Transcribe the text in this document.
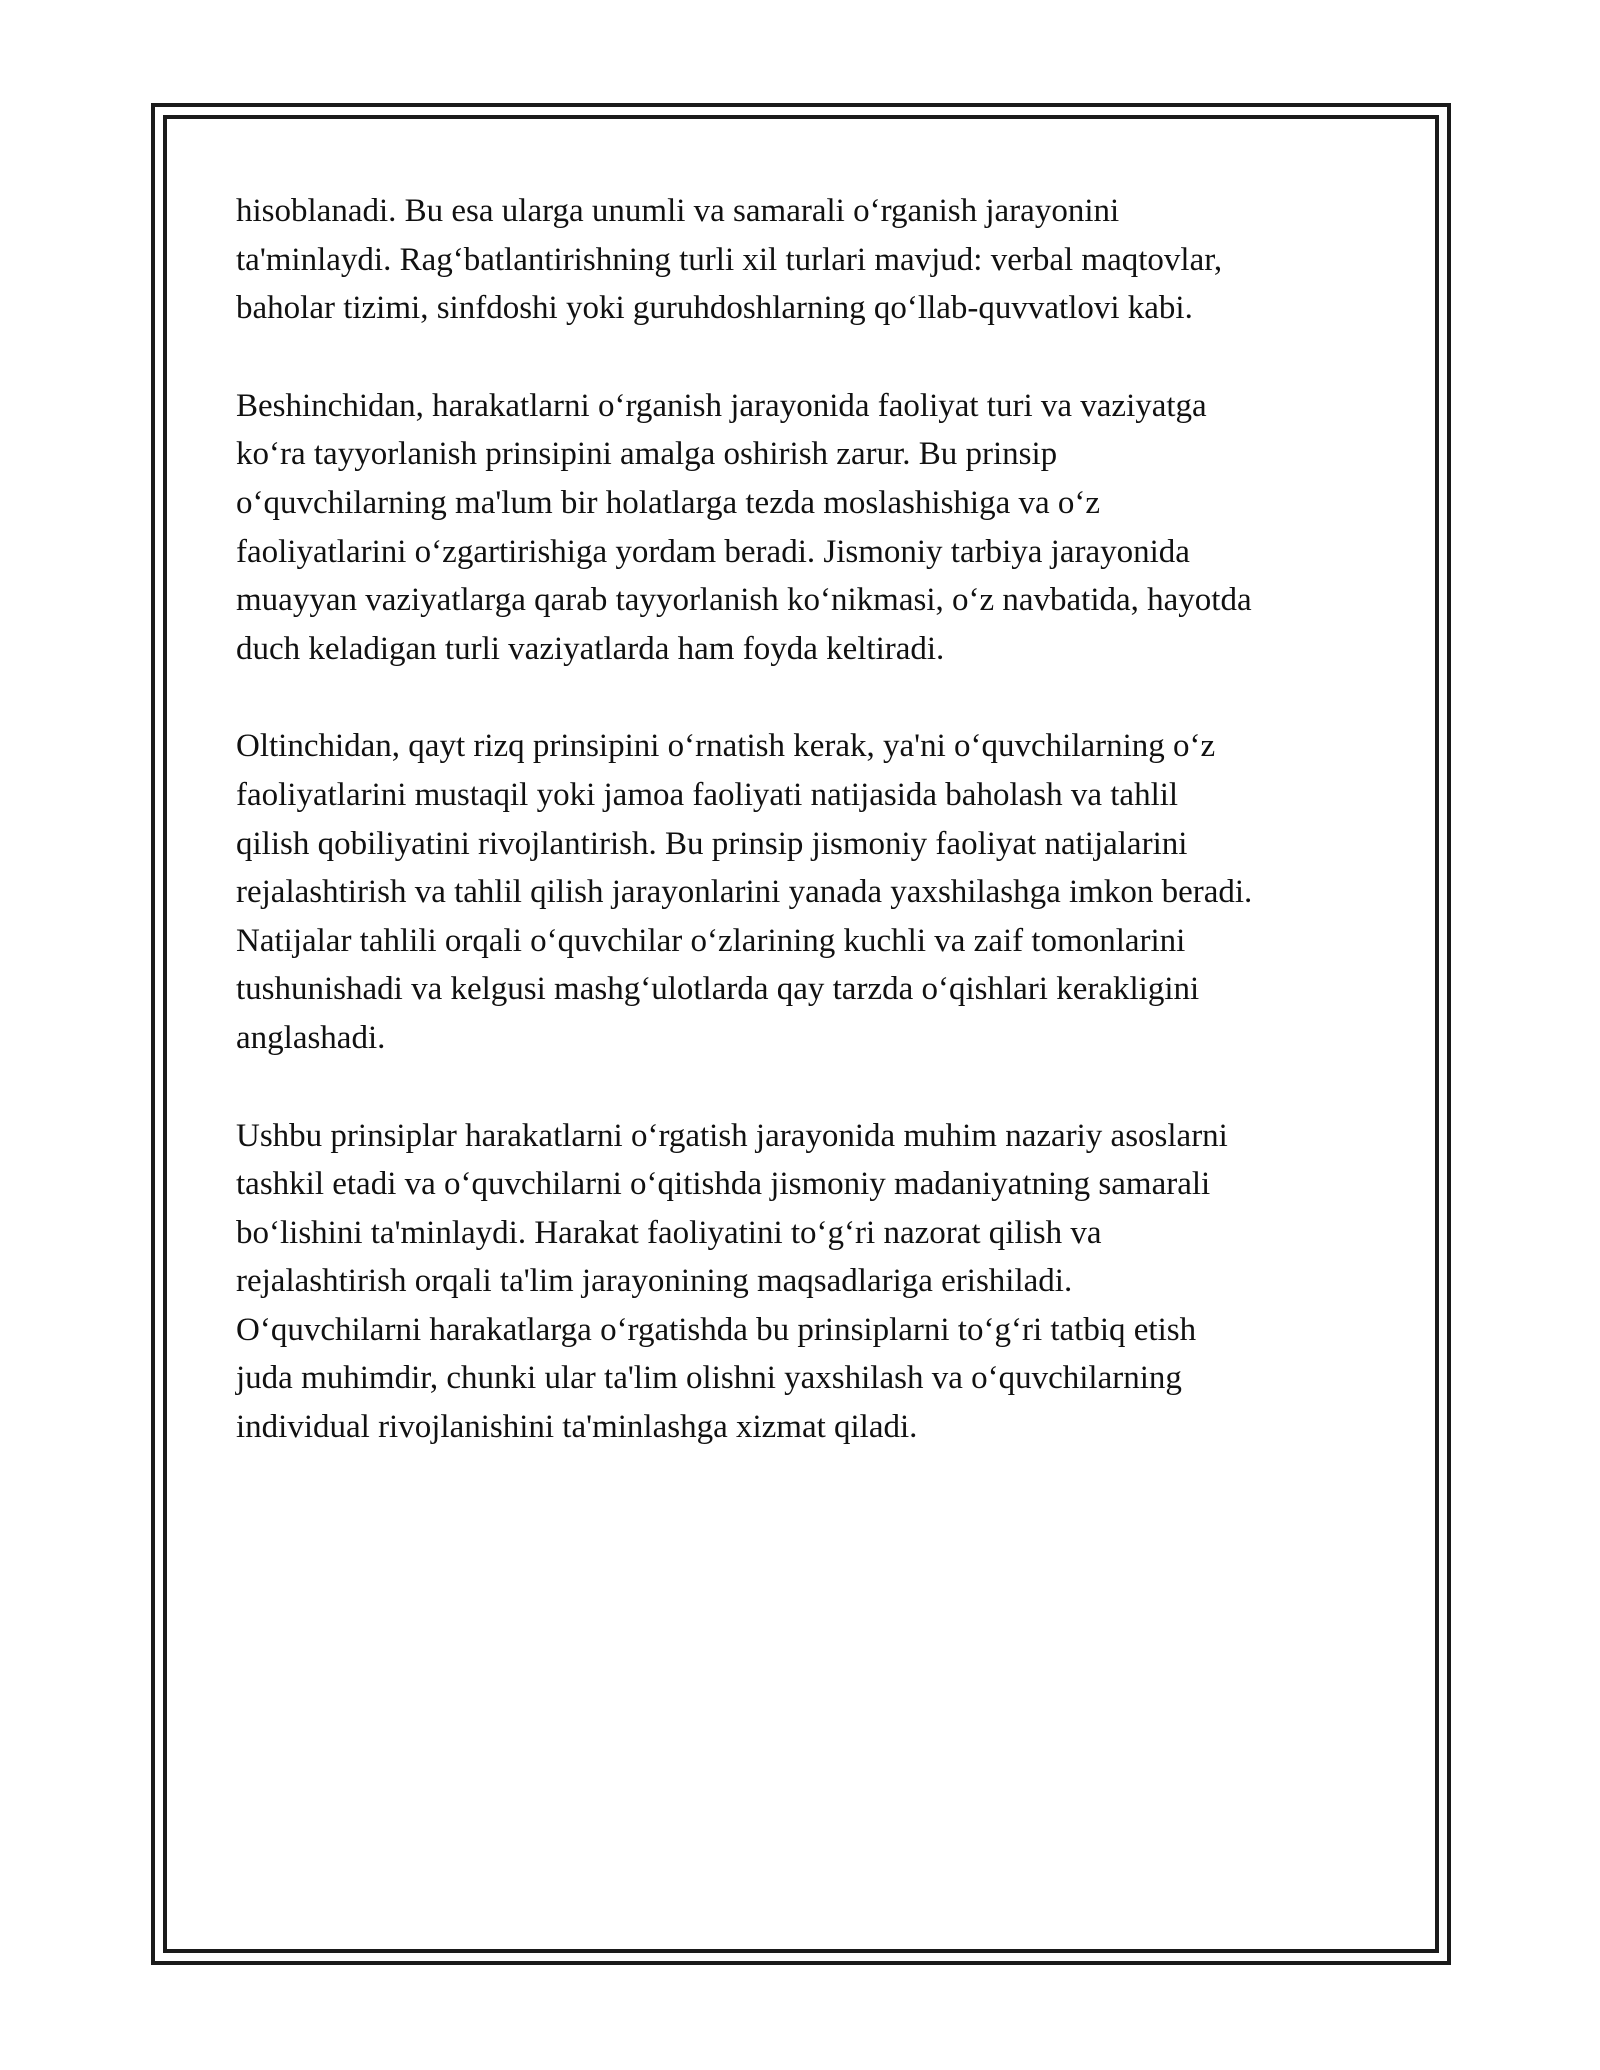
hisoblanadi. Bu esa ularga unumli va samarali oʻrganish jarayonini
ta'minlaydi. Ragʻbatlantirishning turli xil turlari mavjud: verbal maqtovlar,
baholar tizimi, sinfdoshi yoki guruhdoshlarning qoʻllab-quvvatlovi kabi.

Beshinchidan, harakatlarni oʻrganish jarayonida faoliyat turi va vaziyatga
koʻra tayyorlanish prinsipini amalga oshirish zarur. Bu prinsip
oʻquvchilarning ma'lum bir holatlarga tezda moslashishiga va oʻz
faoliyatlarini oʻzgartirishiga yordam beradi. Jismoniy tarbiya jarayonida
muayyan vaziyatlarga qarab tayyorlanish koʻnikmasi, oʻz navbatida, hayotda
duch keladigan turli vaziyatlarda ham foyda keltiradi.

Oltinchidan, qayt rizq prinsipini oʻrnatish kerak, ya'ni oʻquvchilarning oʻz
faoliyatlarini mustaqil yoki jamoa faoliyati natijasida baholash va tahlil
qilish qobiliyatini rivojlantirish. Bu prinsip jismoniy faoliyat natijalarini
rejalashtirish va tahlil qilish jarayonlarini yanada yaxshilashga imkon beradi.
Natijalar tahlili orqali oʻquvchilar oʻzlarining kuchli va zaif tomonlarini
tushunishadi va kelgusi mashgʻulotlarda qay tarzda oʻqishlari kerakligini
anglashadi.

Ushbu prinsiplar harakatlarni oʻrgatish jarayonida muhim nazariy asoslarni
tashkil etadi va oʻquvchilarni oʻqitishda jismoniy madaniyatning samarali
boʻlishini ta'minlaydi. Harakat faoliyatini toʻgʻri nazorat qilish va
rejalashtirish orqali ta'lim jarayonining maqsadlariga erishiladi.
Oʻquvchilarni harakatlarga oʻrgatishda bu prinsiplarni toʻgʻri tatbiq etish
juda muhimdir, chunki ular ta'lim olishni yaxshilash va oʻquvchilarning
individual rivojlanishini ta'minlashga xizmat qiladi.
